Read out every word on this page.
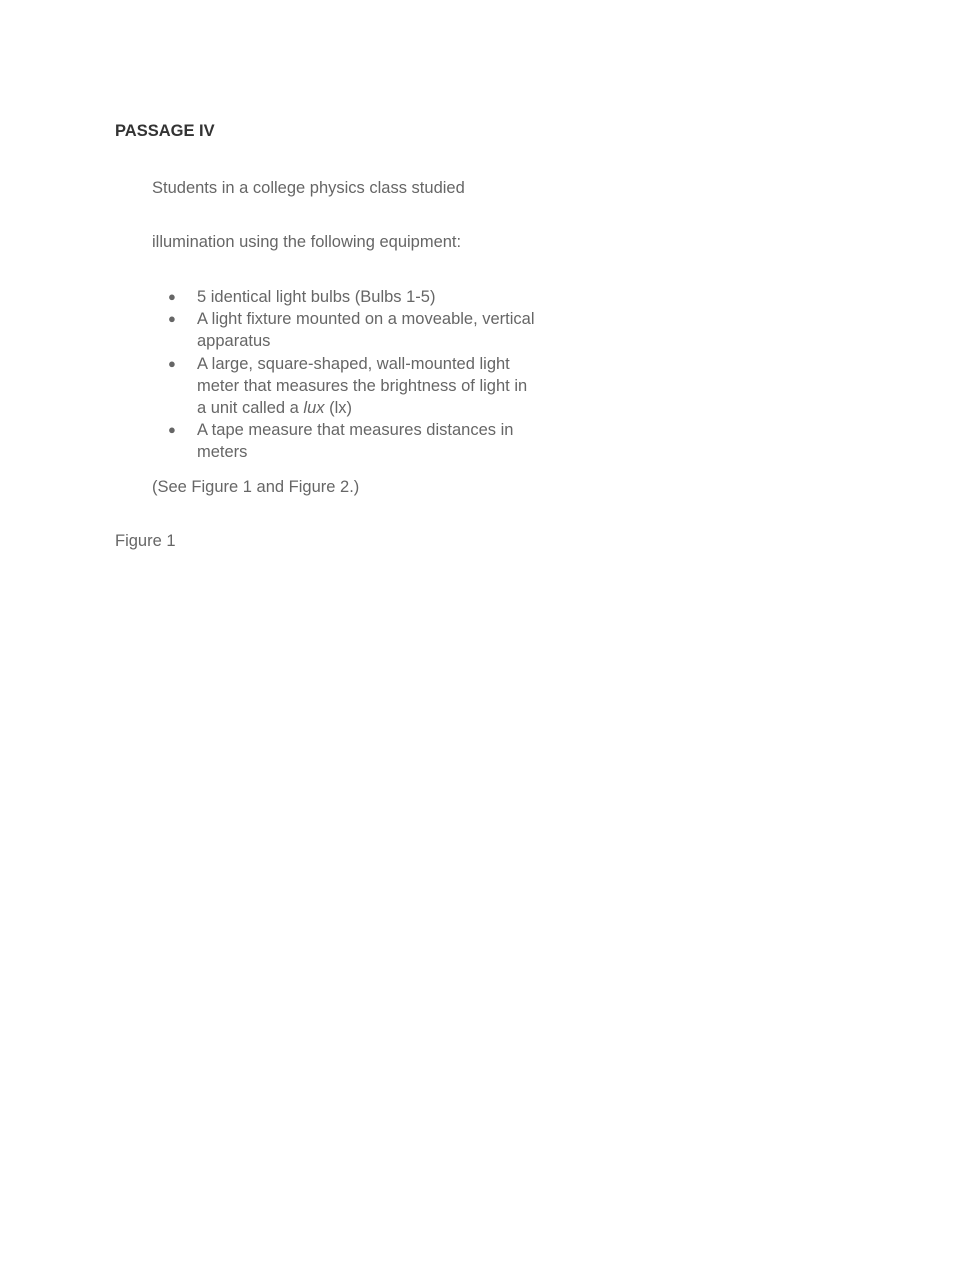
PASSAGE IV

Students in a college physics class studied

illumination using the following equipment:

● 5 identical light bulbs (Bulbs 1-5)
● A light fixture mounted on a moveable, vertical apparatus
● A large, square-shaped, wall-mounted light meter that measures the brightness of light in a unit called a lux (lx)
● A tape measure that measures distances in meters

(See Figure 1 and Figure 2.)

Figure 1
